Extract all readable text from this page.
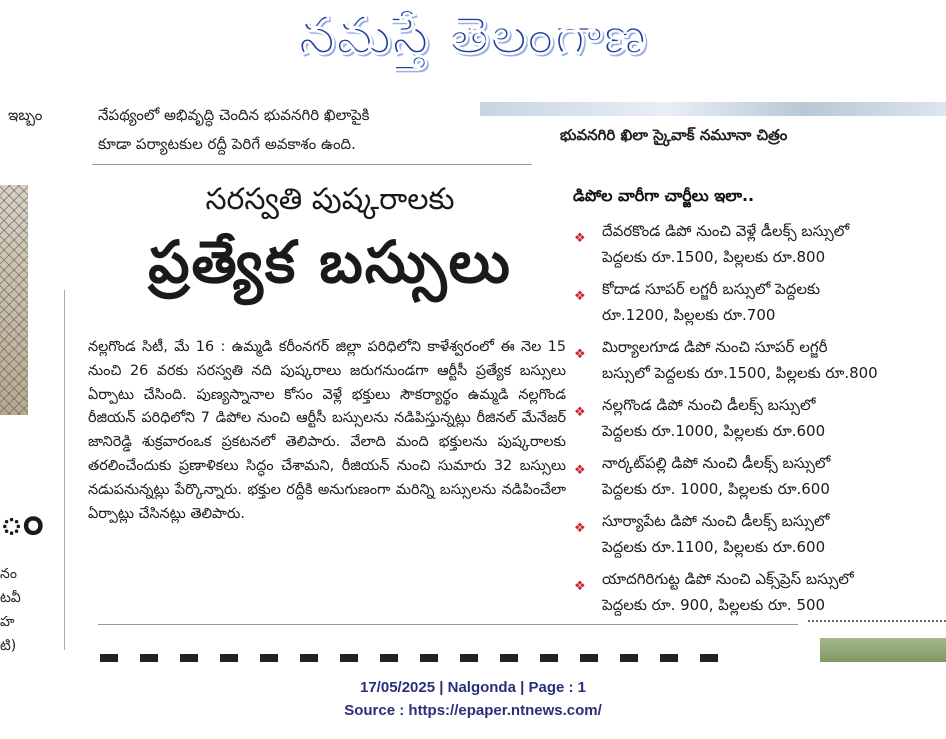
నమస్తే తెలంగాణ
ఇబ్బం	నేపథ్యంలో అభివృద్ధి చెందిన భువనగిరి ఖిలాపైకి
కూడా పర్యాటకుల రద్దీ పెరిగే అవకాశం ఉంది.	భువనగిరి ఖిలా స్కైవాక్ నమూనా చిత్రం
సరస్వతి పుష్కరాలకు
ప్రత్యేక బస్సులు
నల్లగొండ సిటీ, మే 16 : ఉమ్మడి కరీంనగర్ జిల్లా పరిధిలోని కాళేశ్వరంలో ఈ నెల 15 నుంచి 26 వరకు సరస్వతి నది పుష్కరాలు జరుగనుండగా ఆర్టీసీ ప్రత్యేక బస్సులు ఏర్పాటు చేసింది. పుణ్యస్నానాల కోసం వెళ్లే భక్తులు సౌకర్యార్థం ఉమ్మడి నల్లగొండ రీజియన్ పరిధిలోని 7 డిపోల నుంచి ఆర్టీసీ బస్సులను నడిపిస్తున్నట్లు రీజినల్ మేనేజర్ జానిరెడ్డి శుక్రవారంఒక ప్రకటనలో తెలిపారు. వేలాది మంది భక్తులను పుష్కరాలకు తరలించేందుకు ప్రణాళికలు సిద్ధం చేశామని, రీజియన్ నుంచి సుమారు 32 బస్సులు నడుపనున్నట్లు పేర్కొన్నారు. భక్తుల రద్దీకి అనుగుణంగా మరిన్ని బస్సులను నడిపించేలా ఏర్పాట్లు చేసినట్లు తెలిపారు.
డిపోల వారీగా చార్జీలు ఇలా..
❖ దేవరకొండ డిపో నుంచి వెళ్లే డీలక్స్ బస్సులో
పెద్దలకు రూ.1500, పిల్లలకు రూ.800
❖ కోదాడ సూపర్ లగ్జరీ బస్సులో పెద్దలకు
రూ.1200, పిల్లలకు రూ.700
❖ మిర్యాలగూడ డిపో నుంచి సూపర్ లగ్జరీ
బస్సులో పెద్దలకు రూ.1500, పిల్లలకు రూ.800
❖ నల్లగొండ డిపో నుంచి డీలక్స్ బస్సులో
పెద్దలకు రూ.1000, పిల్లలకు రూ.600
❖ నార్కట్‌పల్లి డిపో నుంచి డీలక్స్ బస్సులో
పెద్దలకు రూ. 1000, పిల్లలకు రూ.600
❖ సూర్యాపేట డిపో నుంచి డీలక్స్ బస్సులో
పెద్దలకు రూ.1100, పిల్లలకు రూ.600
❖ యాదగిరిగుట్ట డిపో నుంచి ఎక్స్‌ప్రెస్ బస్సులో
పెద్దలకు రూ. 900, పిల్లలకు రూ. 500
ం
నం
టవీ
హ
టి)
17/05/2025 | Nalgonda | Page : 1
Source : https://epaper.ntnews.com/
